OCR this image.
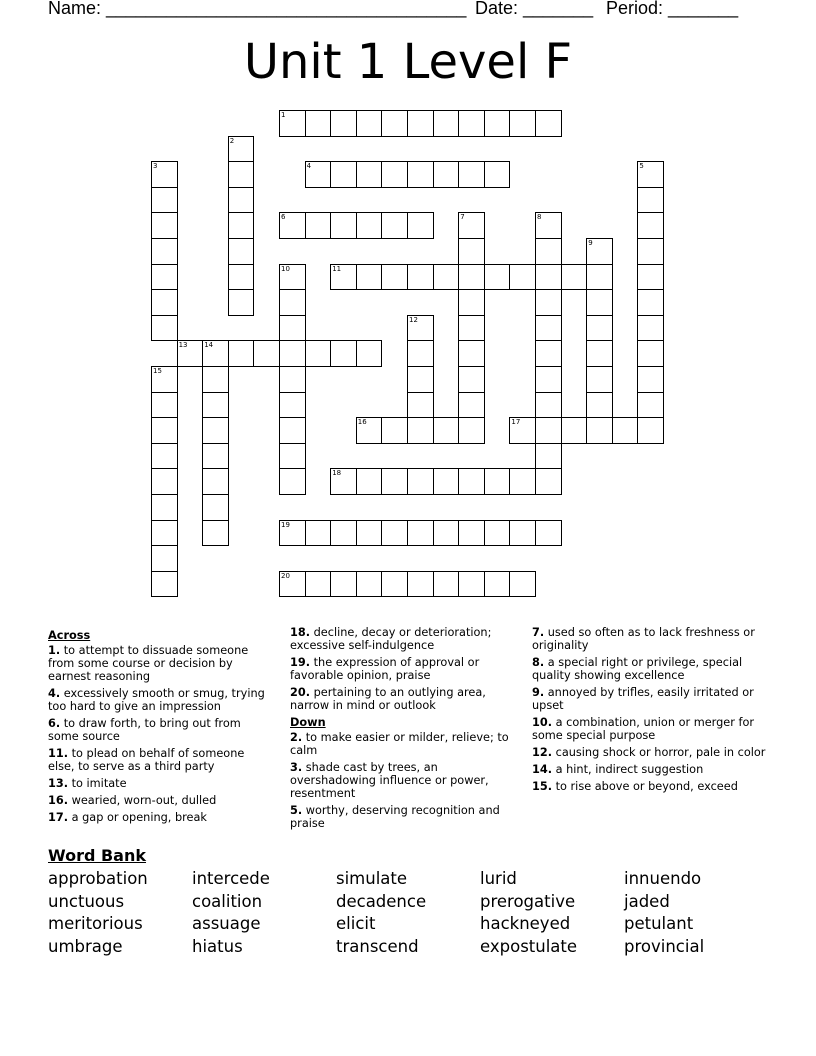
Name: ____________________________________ Date: _______ Period: _______
Unit 1 Level F
1
2
3	4	5
6	7	8
9
10	11
12
13 14
15
16	17
18
19
20
Across
1. to attempt to dissuade someone from some course or decision by earnest reasoning
4. excessively smooth or smug, trying too hard to give an impression
6. to draw forth, to bring out from some source
11. to plead on behalf of someone else, to serve as a third party
13. to imitate
16. wearied, worn-out, dulled
17. a gap or opening, break
18. decline, decay or deterioration; excessive self-indulgence
19. the expression of approval or favorable opinion, praise
20. pertaining to an outlying area, narrow in mind or outlook
Down
2. to make easier or milder, relieve; to calm
3. shade cast by trees, an overshadowing influence or power, resentment
5. worthy, deserving recognition and praise
7. used so often as to lack freshness or originality
8. a special right or privilege, special quality showing excellence
9. annoyed by trifles, easily irritated or upset
10. a combination, union or merger for some special purpose
12. causing shock or horror, pale in color
14. a hint, indirect suggestion
15. to rise above or beyond, exceed
Word Bank
approbation
unctuous
meritorious
umbrage
intercede
coalition
assuage
hiatus
simulate
decadence
elicit
transcend
lurid
prerogative
hackneyed
expostulate
innuendo
jaded
petulant
provincial
